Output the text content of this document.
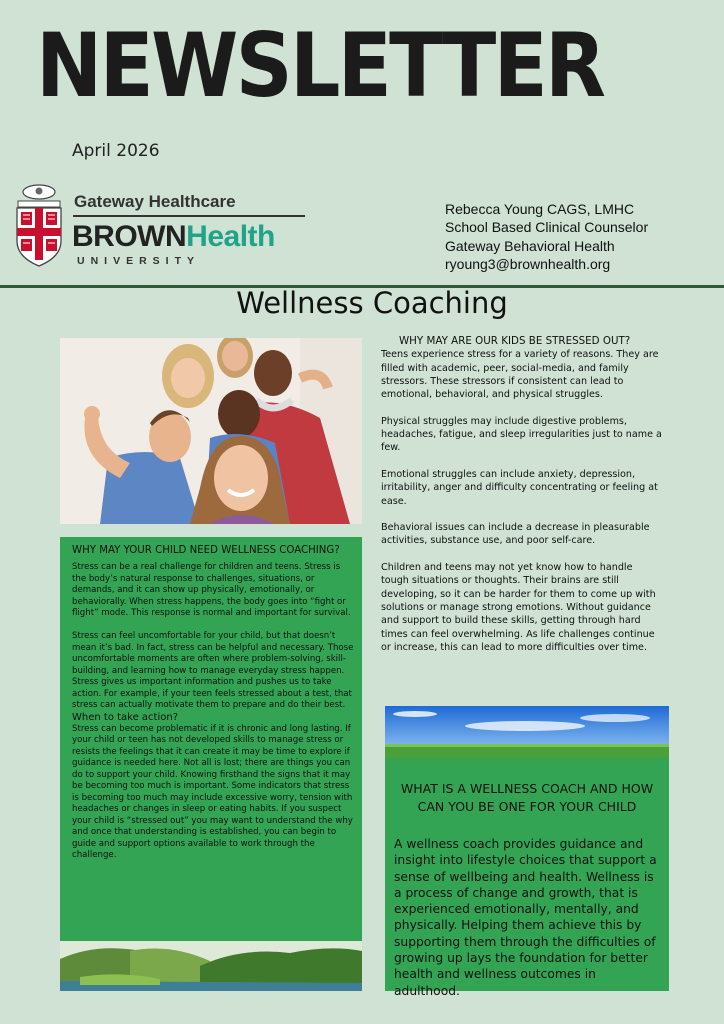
NEWSLETTER
April 2026
Gateway Healthcare
BROWNHealth
UNIVERSITY
Rebecca Young CAGS, LMHC
School Based Clinical Counselor
Gateway Behavioral Health
ryoung3@brownhealth.org
Wellness Coaching
WHY MAY YOUR CHILD NEED WELLNESS COACHING?

Stress can be a real challenge for children and teens. Stress is the body’s natural response to challenges, situations, or demands, and it can show up physically, emotionally, or behaviorally. When stress happens, the body goes into “fight or flight” mode. This response is normal and important for survival.

Stress can feel uncomfortable for your child, but that doesn’t mean it’s bad. In fact, stress can be helpful and necessary. Those uncomfortable moments are often where problem-solving, skill-building, and learning how to manage everyday stress happen. Stress gives us important information and pushes us to take action. For example, if your teen feels stressed about a test, that stress can actually motivate them to prepare and do their best.

When to take action?

Stress can become problematic if it is chronic and long lasting. If your child or teen has not developed skills to manage stress or resists the feelings that it can create it may be time to explore if guidance is needed here. Not all is lost; there are things you can do to support your child. Knowing firsthand the signs that it may be becoming too much is important. Some indicators that stress is becoming too much may include excessive worry, tension with headaches or changes in sleep or eating habits. If you suspect your child is “stressed out” you may want to understand the why and once that understanding is established, you can begin to guide and support options available to work through the challenge.

WHY MAY ARE OUR KIDS BE STRESSED OUT?

Teens experience stress for a variety of reasons. They are filled with academic, peer, social-media, and family stressors. These stressors if consistent can lead to emotional, behavioral, and physical struggles.

Physical struggles may include digestive problems, headaches, fatigue, and sleep irregularities just to name a few.

Emotional struggles can include anxiety, depression, irritability, anger and difficulty concentrating or feeling at ease.

Behavioral issues can include a decrease in pleasurable activities, substance use, and poor self-care.

Children and teens may not yet know how to handle tough situations or thoughts. Their brains are still developing, so it can be harder for them to come up with solutions or manage strong emotions. Without guidance and support to build these skills, getting through hard times can feel overwhelming. As life challenges continue or increase, this can lead to more difficulties over time.

WHAT IS A WELLNESS COACH AND HOW CAN YOU BE ONE FOR YOUR CHILD
A wellness coach provides guidance and insight into lifestyle choices that support a sense of wellbeing and health. Wellness is a process of change and growth, that is experienced emotionally, mentally, and physically. Helping them achieve this by supporting them through the difficulties of growing up lays the foundation for better health and wellness outcomes in adulthood.
